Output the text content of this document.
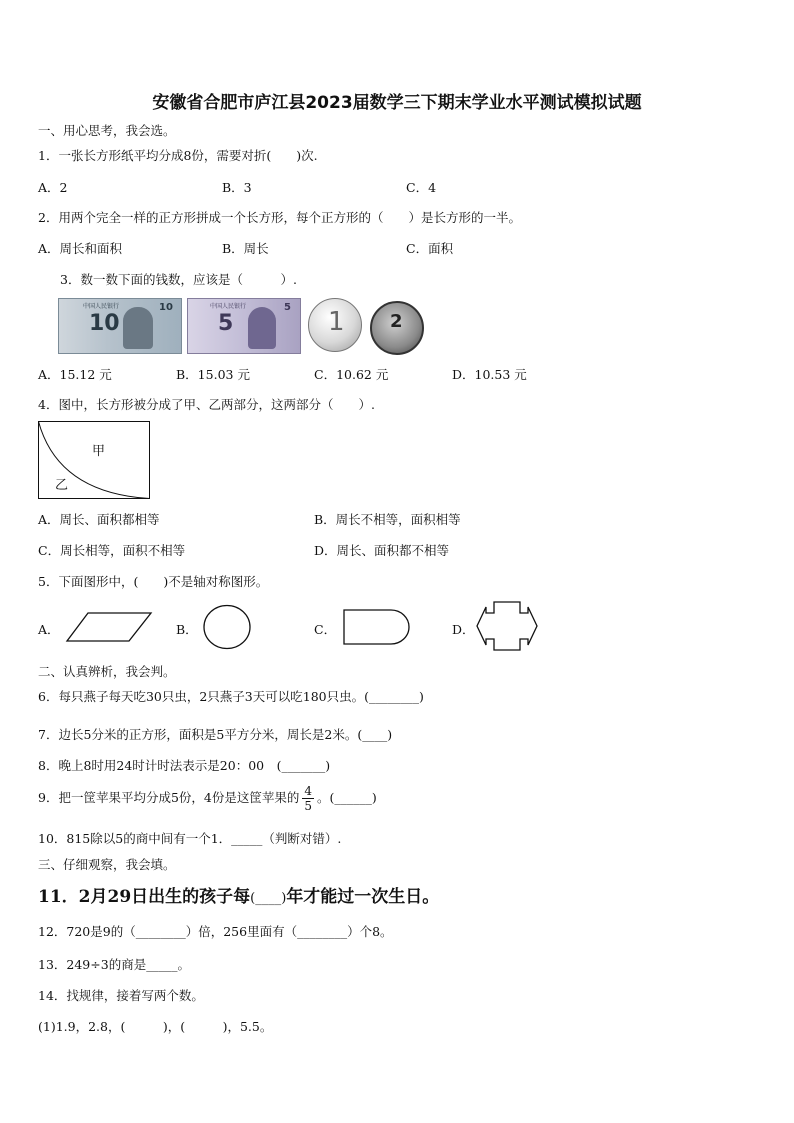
安徽省合肥市庐江县2023届数学三下期末学业水平测试模拟试题
一、用心思考，我会选。
1．一张长方形纸平均分成8份，需要对折(　　)次.
A．2	B．3	C．4
2．用两个完全一样的正方形拼成一个长方形，每个正方形的（　　）是长方形的一半。
A．周长和面积	B．周长	C．面积
3．数一数下面的钱数，应该是（　　　）.
中国人民银行
10
10	中国人民银行
5
5 1	2
A．15.12 元	B．15.03 元	C．10.62 元	D．10.53 元
4．图中，长方形被分成了甲、乙两部分，这两部分（　　）.
甲
乙
A．周长、面积都相等	B．周长不相等，面积相等
C．周长相等，面积不相等	D．周长、面积都不相等
5．下面图形中，(　　)不是轴对称图形。
A．	B．	C．	D．
二、认真辨析，我会判。
6．每只燕子每天吃30只虫，2只燕子3天可以吃180只虫。(________)
7．边长5分米的正方形，面积是5平方分米，周长是2米。(____)
8．晚上8时用24时计时法表示是20：00　(_______)
9．把一筐苹果平均分成5份，4份是这筐苹果的 $\frac{4}{5}$ 。(______)
10．815除以5的商中间有一个1．_____（判断对错）.
三、仔细观察，我会填。
11．2月29日出生的孩子每(____)年才能过一次生日。
12．720是9的（________）倍，256里面有（________）个8。
13．249÷3的商是_____。
14．找规律，接着写两个数。
(1)1.9，2.8，(　　　)，(　　　)，5.5。
